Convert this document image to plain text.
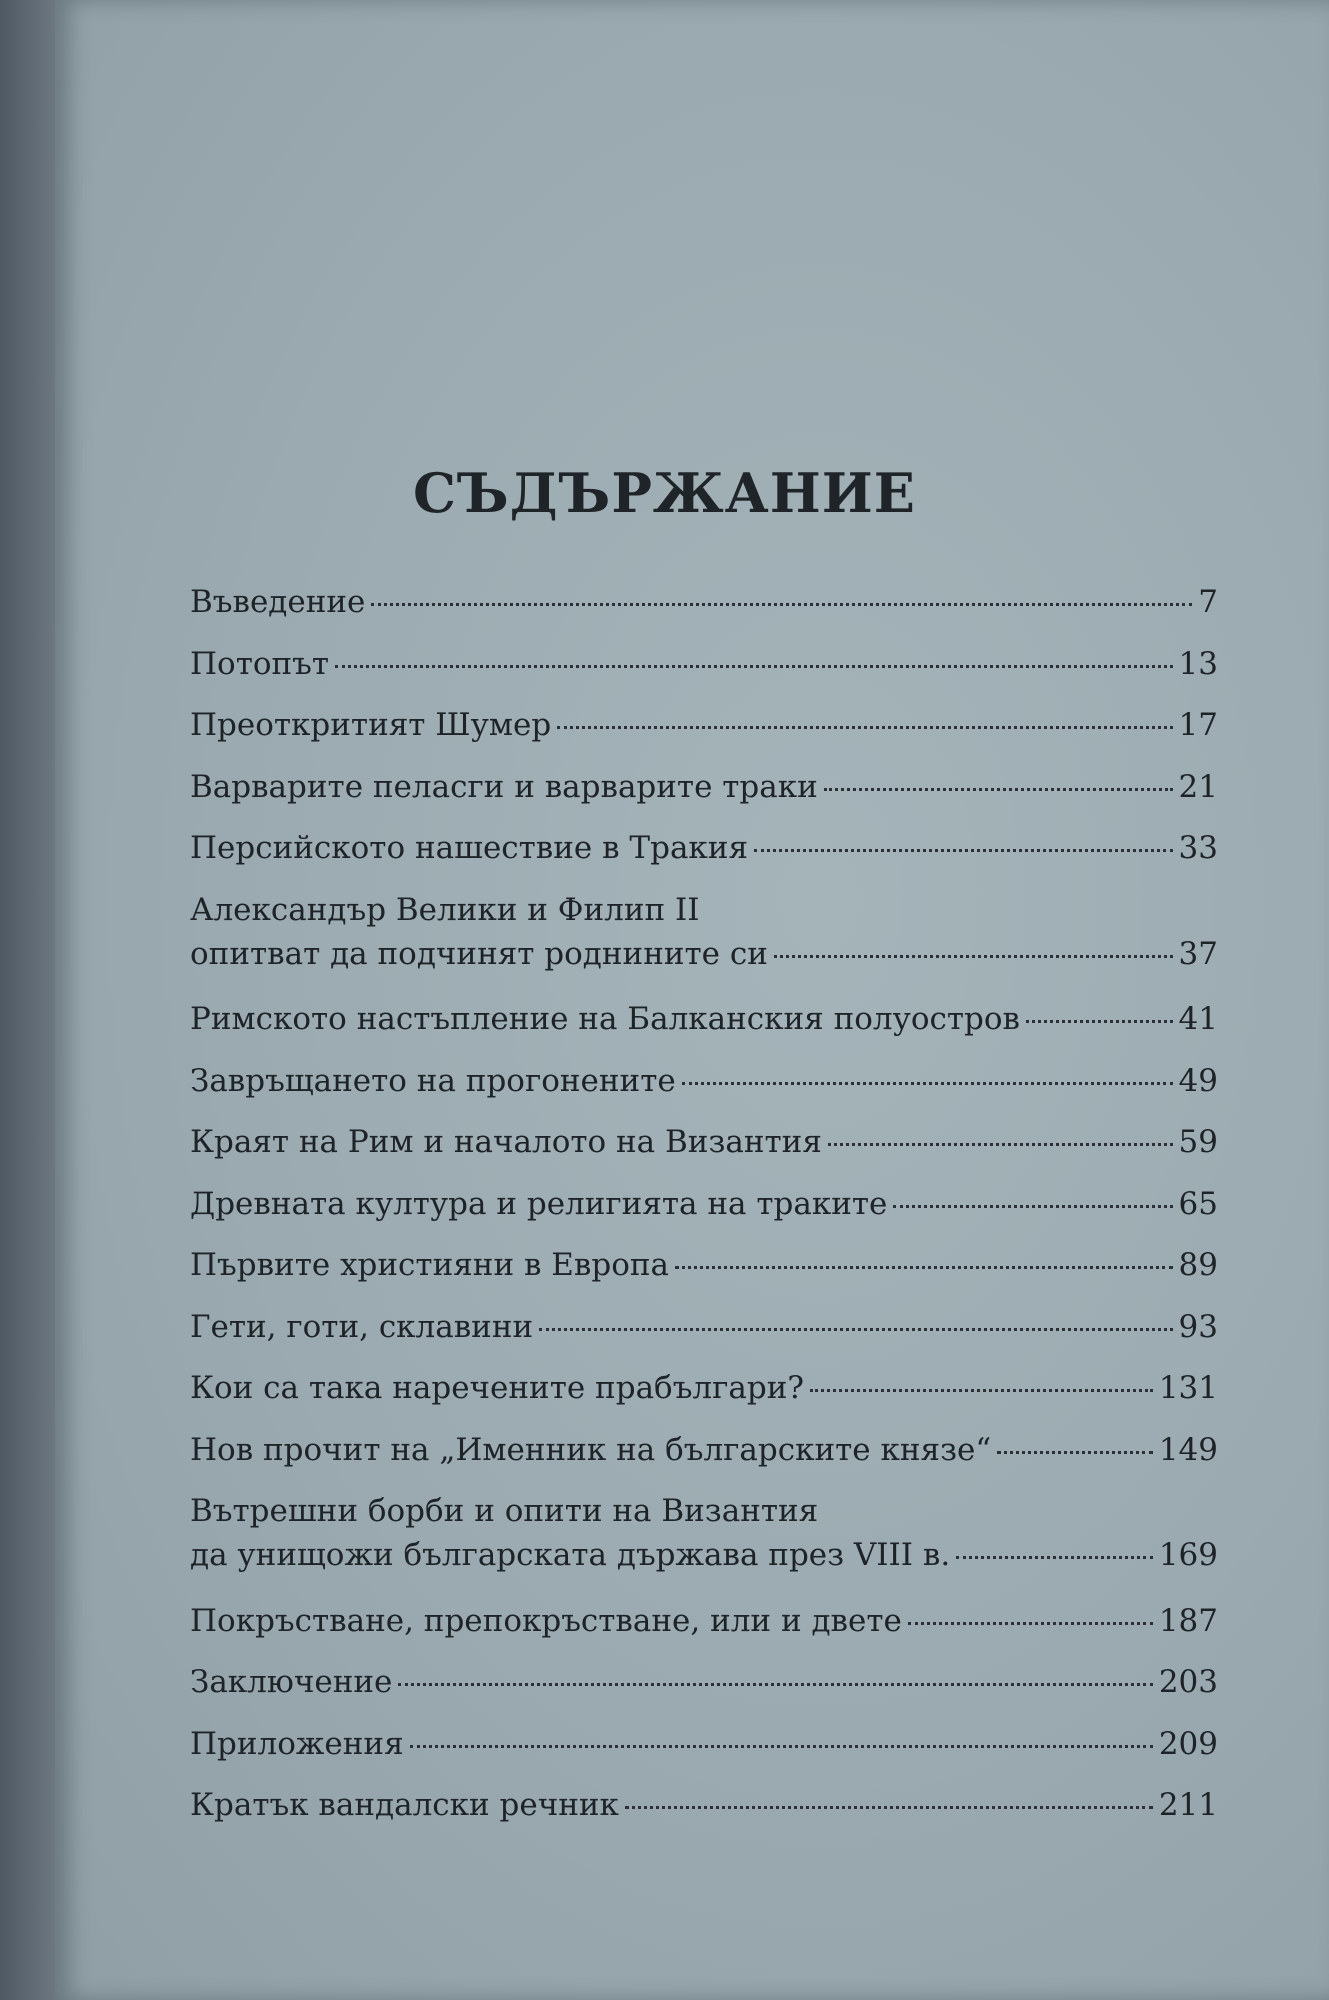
СЪДЪРЖАНИЕ
Въведение	7
Потопът	13
Преоткритият Шумер	17
Варварите пеласги и варварите траки	21
Персийското нашествие в Тракия	33
Александър Велики и Филип II
опитват да подчинят роднините си	37
Римското настъпление на Балканския полуостров	41
Завръщането на прогонените	49
Краят на Рим и началото на Византия	59
Древната култура и религията на траките	65
Първите християни в Европа	89
Гети, готи, склавини	93
Кои са така наречените прабългари?	131
Нов прочит на „Именник на българските князе“	149
Вътрешни борби и опити на Византия
да унищожи българската държава през VIII в.	169
Покръстване, препокръстване, или и двете	187
Заключение	203
Приложения	209
Кратък вандалски речник	211
